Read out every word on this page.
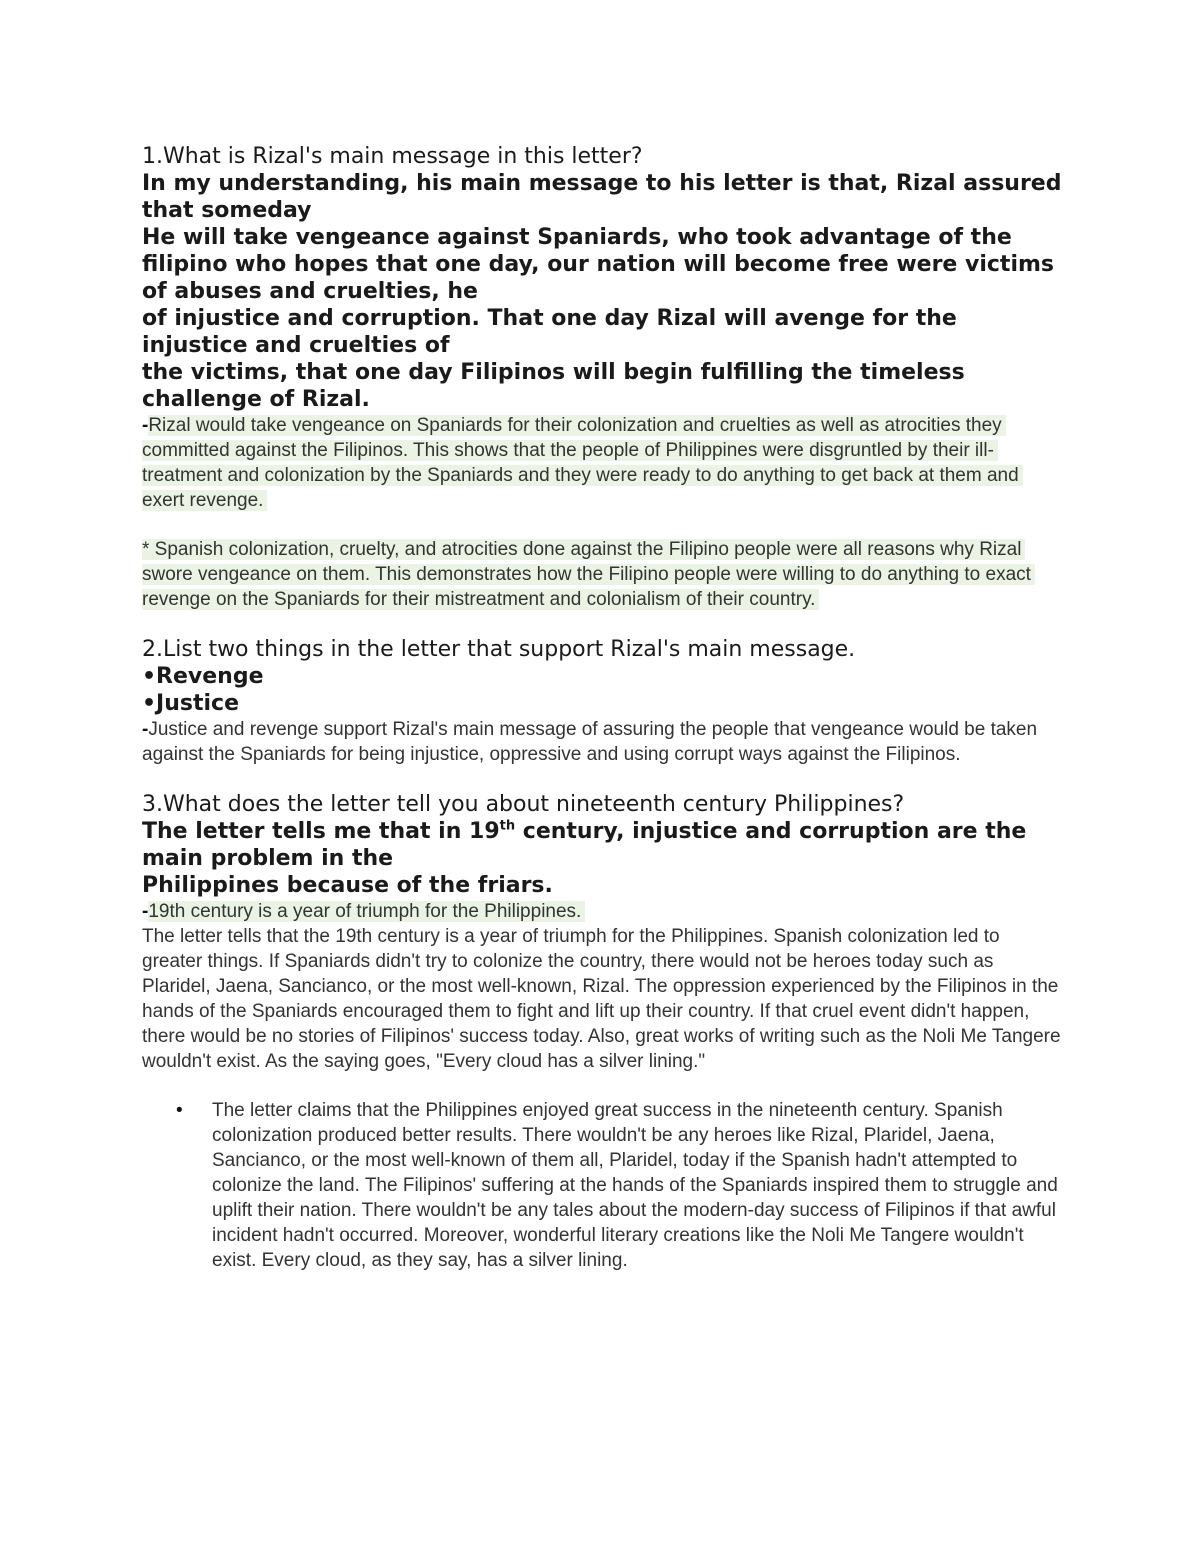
1.What is Rizal's main message in this letter?

In my understanding, his main message to his letter is that, Rizal assured that someday

He will take vengeance against Spaniards, who took advantage of the filipino who hopes that one day, our nation will become free were victims of abuses and cruelties, he

of injustice and corruption. That one day Rizal will avenge for the injustice and cruelties of

the victims, that one day Filipinos will begin fulfilling the timeless challenge of Rizal.

-Rizal would take vengeance on Spaniards for their colonization and cruelties as well as atrocities they committed against the Filipinos. This shows that the people of Philippines were disgruntled by their ill-treatment and colonization by the Spaniards and they were ready to do anything to get back at them and exert revenge.

* Spanish colonization, cruelty, and atrocities done against the Filipino people were all reasons why Rizal swore vengeance on them. This demonstrates how the Filipino people were willing to do anything to exact revenge on the Spaniards for their mistreatment and colonialism of their country.

2.List two things in the letter that support Rizal's main message.

•Revenge

•Justice

-Justice and revenge support Rizal's main message of assuring the people that vengeance would be taken against the Spaniards for being injustice, oppressive and using corrupt ways against the Filipinos.

3.What does the letter tell you about nineteenth century Philippines?

The letter tells me that in 19th century, injustice and corruption are the main problem in the

Philippines because of the friars.

-19th century is a year of triumph for the Philippines.

The letter tells that the 19th century is a year of triumph for the Philippines. Spanish colonization led to greater things. If Spaniards didn't try to colonize the country, there would not be heroes today such as Plaridel, Jaena, Sancianco, or the most well-known, Rizal. The oppression experienced by the Filipinos in the hands of the Spaniards encouraged them to fight and lift up their country. If that cruel event didn't happen, there would be no stories of Filipinos' success today. Also, great works of writing such as the Noli Me Tangere wouldn't exist. As the saying goes, "Every cloud has a silver lining."

• The letter claims that the Philippines enjoyed great success in the nineteenth century. Spanish colonization produced better results. There wouldn't be any heroes like Rizal, Plaridel, Jaena, Sancianco, or the most well-known of them all, Plaridel, today if the Spanish hadn't attempted to colonize the land. The Filipinos' suffering at the hands of the Spaniards inspired them to struggle and uplift their nation. There wouldn't be any tales about the modern-day success of Filipinos if that awful incident hadn't occurred. Moreover, wonderful literary creations like the Noli Me Tangere wouldn't exist. Every cloud, as they say, has a silver lining.
